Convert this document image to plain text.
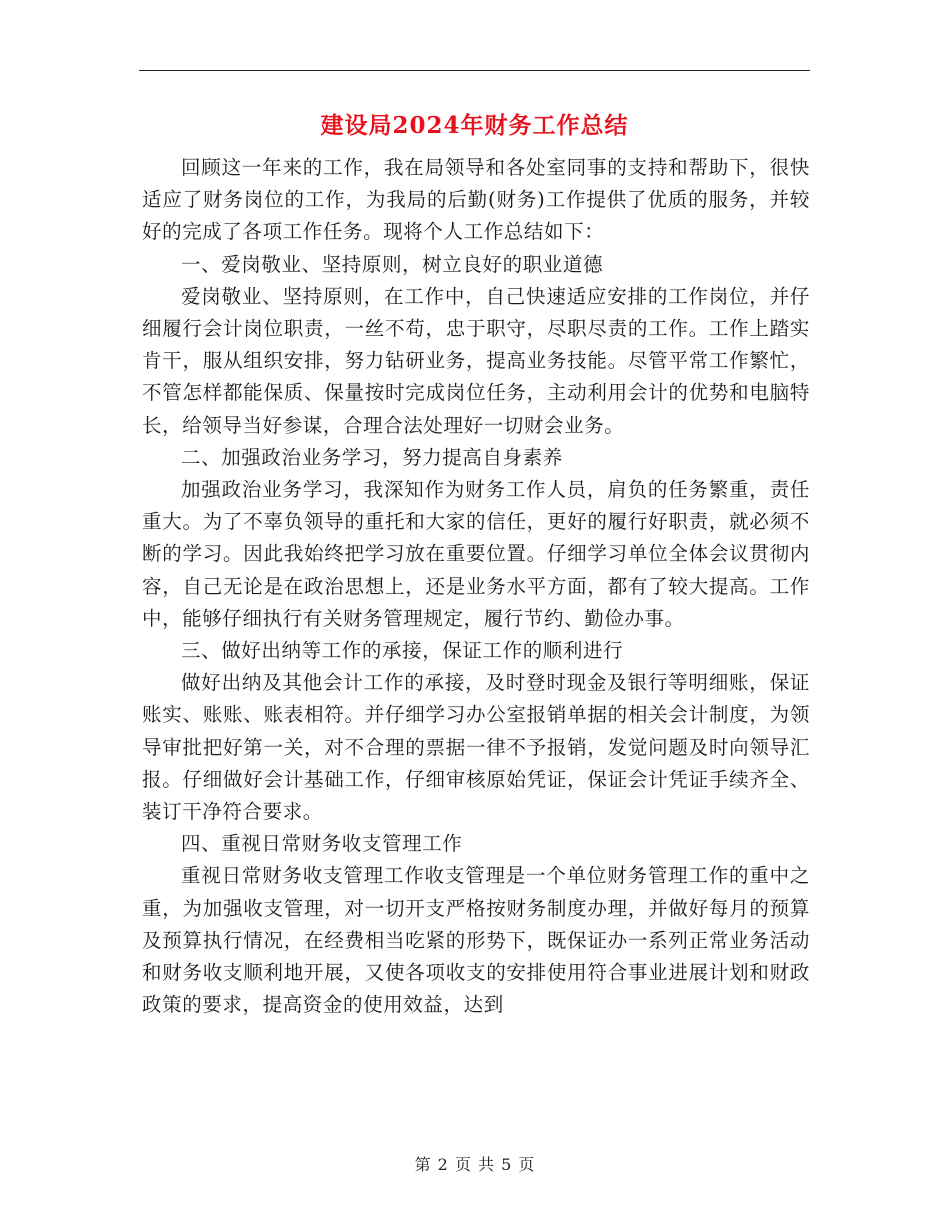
建设局2024年财务工作总结

回顾这一年来的工作，我在局领导和各处室同事的支持和帮助下，很快适应了财务岗位的工作，为我局的后勤(财务)工作提供了优质的服务，并较好的完成了各项工作任务。现将个人工作总结如下：

一、爱岗敬业、坚持原则，树立良好的职业道德

爱岗敬业、坚持原则，在工作中，自己快速适应安排的工作岗位，并仔细履行会计岗位职责，一丝不苟，忠于职守，尽职尽责的工作。工作上踏实肯干，服从组织安排，努力钻研业务，提高业务技能。尽管平常工作繁忙，不管怎样都能保质、保量按时完成岗位任务，主动利用会计的优势和电脑特长，给领导当好参谋，合理合法处理好一切财会业务。

二、加强政治业务学习，努力提高自身素养

加强政治业务学习，我深知作为财务工作人员，肩负的任务繁重，责任重大。为了不辜负领导的重托和大家的信任，更好的履行好职责，就必须不断的学习。因此我始终把学习放在重要位置。仔细学习单位全体会议贯彻内容，自己无论是在政治思想上，还是业务水平方面，都有了较大提高。工作中，能够仔细执行有关财务管理规定，履行节约、勤俭办事。

三、做好出纳等工作的承接，保证工作的顺利进行

做好出纳及其他会计工作的承接，及时登时现金及银行等明细账，保证账实、账账、账表相符。并仔细学习办公室报销单据的相关会计制度，为领导审批把好第一关，对不合理的票据一律不予报销，发觉问题及时向领导汇报。仔细做好会计基础工作，仔细审核原始凭证，保证会计凭证手续齐全、装订干净符合要求。

四、重视日常财务收支管理工作

重视日常财务收支管理工作收支管理是一个单位财务管理工作的重中之重，为加强收支管理，对一切开支严格按财务制度办理，并做好每月的预算及预算执行情况，在经费相当吃紧的形势下，既保证办一系列正常业务活动和财务收支顺利地开展，又使各项收支的安排使用符合事业进展计划和财政政策的要求，提高资金的使用效益，达到

第 2 页 共 5 页
